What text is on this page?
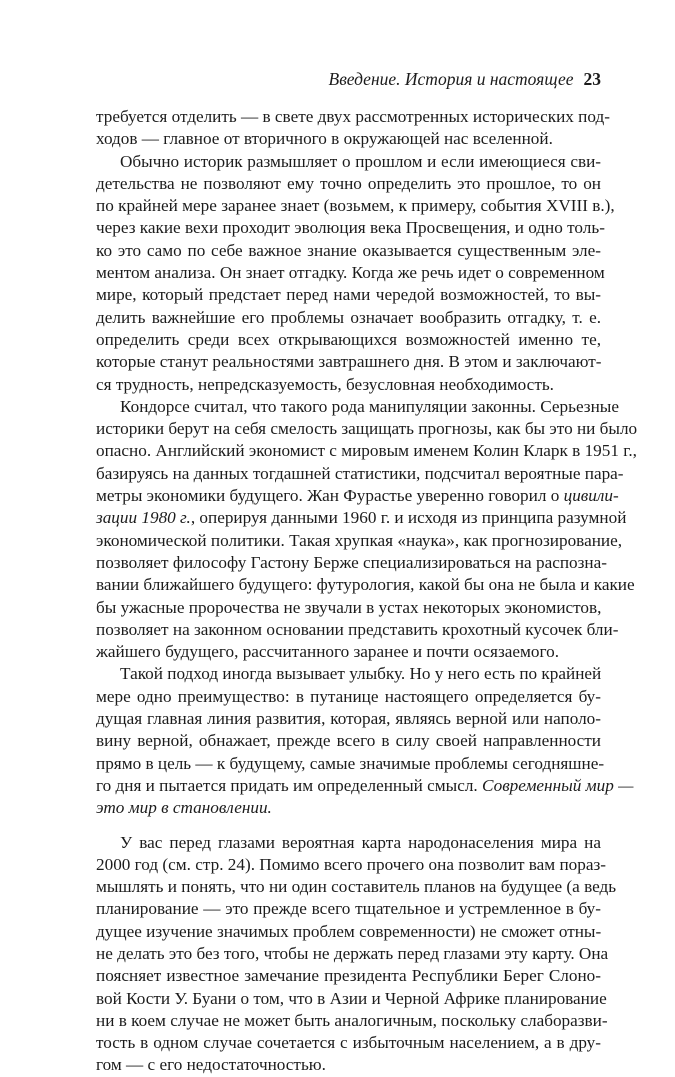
Введение. История и настоящее 23
требуется отделить — в свете двух рассмотренных исторических под-
ходов — главное от вторичного в окружающей нас вселенной.
Обычно историк размышляет о прошлом и если имеющиеся сви-
детельства не позволяют ему точно определить это прошлое, то он
по крайней мере заранее знает (возьмем, к примеру, события XVIII в.),
через какие вехи проходит эволюция века Просвещения, и одно толь-
ко это само по себе важное знание оказывается существенным эле-
ментом анализа. Он знает отгадку. Когда же речь идет о современном
мире, который предстает перед нами чередой возможностей, то вы-
делить важнейшие его проблемы означает вообразить отгадку, т. е.
определить среди всех открывающихся возможностей именно те,
которые станут реальностями завтрашнего дня. В этом и заключают-
ся трудность, непредсказуемость, безусловная необходимость.
Кондорсе считал, что такого рода манипуляции законны. Серьезные
историки берут на себя смелость защищать прогнозы, как бы это ни было
опасно. Английский экономист с мировым именем Колин Кларк в 1951 г.,
базируясь на данных тогдашней статистики, подсчитал вероятные пара-
метры экономики будущего. Жан Фурастье уверенно говорил о цивили-
зации 1980 г., оперируя данными 1960 г. и исходя из принципа разумной
экономической политики. Такая хрупкая «наука», как прогнозирование,
позволяет философу Гастону Берже специализироваться на распозна-
вании ближайшего будущего: футурология, какой бы она не была и какие
бы ужасные пророчества не звучали в устах некоторых экономистов,
позволяет на законном основании представить крохотный кусочек бли-
жайшего будущего, рассчитанного заранее и почти осязаемого.
Такой подход иногда вызывает улыбку. Но у него есть по крайней
мере одно преимущество: в путанице настоящего определяется бу-
дущая главная линия развития, которая, являясь верной или наполо-
вину верной, обнажает, прежде всего в силу своей направленности
прямо в цель — к будущему, самые значимые проблемы сегодняшне-
го дня и пытается придать им определенный смысл. Современный мир —
это мир в становлении.
У вас перед глазами вероятная карта народонаселения мира на
2000 год (см. стр. 24). Помимо всего прочего она позволит вам пораз-
мышлять и понять, что ни один составитель планов на будущее (а ведь
планирование — это прежде всего тщательное и устремленное в бу-
дущее изучение значимых проблем современности) не сможет отны-
не делать это без того, чтобы не держать перед глазами эту карту. Она
поясняет известное замечание президента Республики Берег Слоно-
вой Кости У. Буани о том, что в Азии и Черной Африке планирование
ни в коем случае не может быть аналогичным, поскольку слаборазви-
тость в одном случае сочетается с избыточным населением, а в дру-
гом — с его недостаточностью.
